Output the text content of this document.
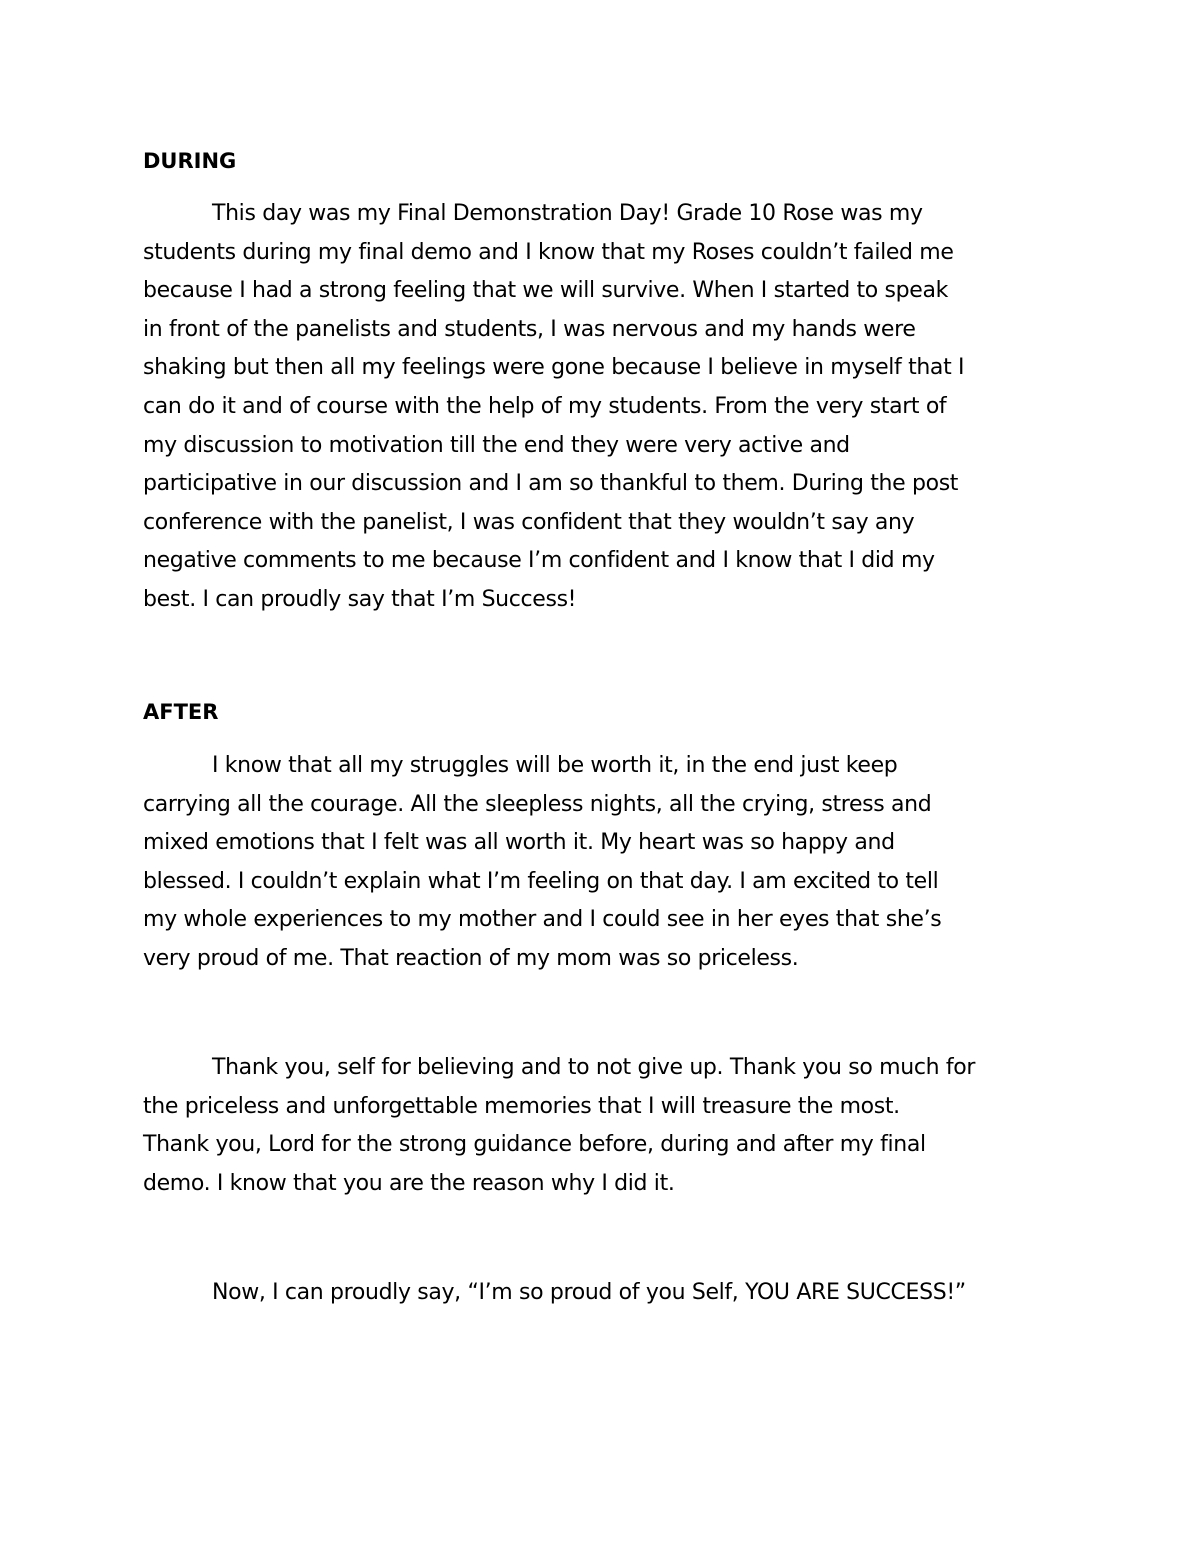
DURING

This day was my Final Demonstration Day! Grade 10 Rose was my
students during my final demo and I know that my Roses couldn’t failed me
because I had a strong feeling that we will survive. When I started to speak
in front of the panelists and students, I was nervous and my hands were
shaking but then all my feelings were gone because I believe in myself that I
can do it and of course with the help of my students. From the very start of
my discussion to motivation till the end they were very active and
participative in our discussion and I am so thankful to them. During the post
conference with the panelist, I was confident that they wouldn’t say any
negative comments to me because I’m confident and I know that I did my
best. I can proudly say that I’m Success!

AFTER

I know that all my struggles will be worth it, in the end just keep
carrying all the courage. All the sleepless nights, all the crying, stress and
mixed emotions that I felt was all worth it. My heart was so happy and
blessed. I couldn’t explain what I’m feeling on that day. I am excited to tell
my whole experiences to my mother and I could see in her eyes that she’s
very proud of me. That reaction of my mom was so priceless.

Thank you, self for believing and to not give up. Thank you so much for
the priceless and unforgettable memories that I will treasure the most.
Thank you, Lord for the strong guidance before, during and after my final
demo. I know that you are the reason why I did it.

Now, I can proudly say, “I’m so proud of you Self, YOU ARE SUCCESS!”
